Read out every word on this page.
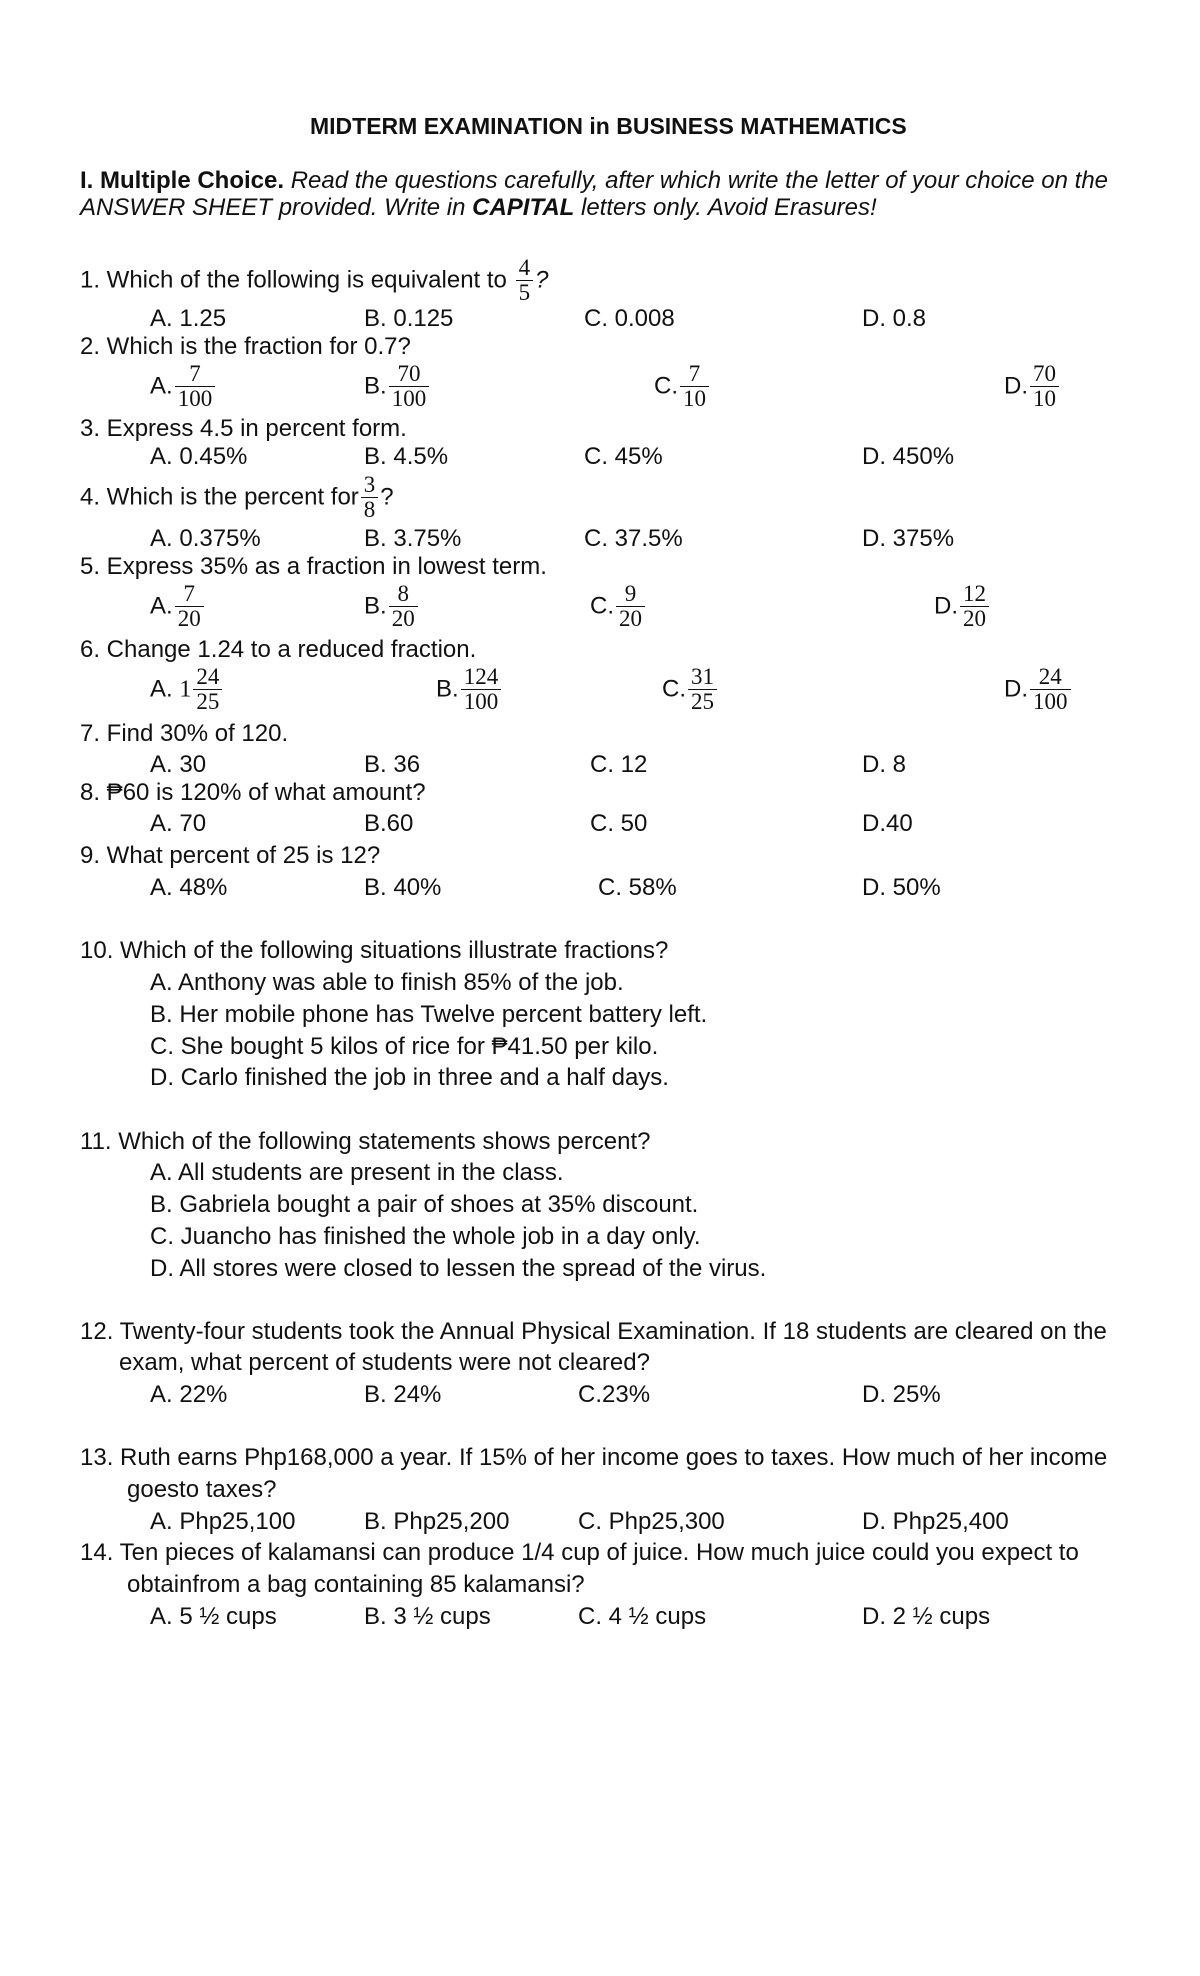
MIDTERM EXAMINATION in BUSINESS MATHEMATICS
I. Multiple Choice. Read the questions carefully, after which write the letter of your choice on the
ANSWER SHEET provided. Write in CAPITAL letters only. Avoid Erasures!
1. Which of the following is equivalent to $\frac{4}{5}$ ?
A. 1.25	B. 0.125	C. 0.008	D. 0.8
2. Which is the fraction for 0.7?
A. $\frac{7}{100}$	B. $\frac{70}{100}$	C. $\frac{7}{10}$	D. $\frac{70}{10}$
3. Express 4.5 in percent form.
A. 0.45%	B. 4.5%	C. 45%	D. 450%
4. Which is the percent for $\frac{3}{8}$ ?
A. 0.375%	B. 3.75%	C. 37.5%	D. 375%
5. Express 35% as a fraction in lowest term.
A. $\frac{7}{20}$	B. $\frac{8}{20}$	C. $\frac{9}{20}$	D. $\frac{12}{20}$
6. Change 1.24 to a reduced fraction.
A. $1 \frac{24}{25}$	B. $\frac{124}{100}$	C. $\frac{31}{25}$	D. $\frac{24}{100}$
7. Find 30% of 120.
A. 30	B. 36	C. 12	D. 8
8. ₱60 is 120% of what amount?
A. 70	B.60	C. 50	D.40
9. What percent of 25 is 12?
A. 48%	B. 40%	C. 58%	D. 50%
10. Which of the following situations illustrate fractions?
A. Anthony was able to finish 85% of the job.
B. Her mobile phone has Twelve percent battery left.
C. She bought 5 kilos of rice for ₱41.50 per kilo.
D. Carlo finished the job in three and a half days.
11. Which of the following statements shows percent?
A. All students are present in the class.
B. Gabriela bought a pair of shoes at 35% discount.
C. Juancho has finished the whole job in a day only.
D. All stores were closed to lessen the spread of the virus.
12. Twenty-four students took the Annual Physical Examination. If 18 students are cleared on the
exam, what percent of students were not cleared?
A. 22%	B. 24%	C.23%	D. 25%
13. Ruth earns Php168,000 a year. If 15% of her income goes to taxes. How much of her income
goesto taxes?
A. Php25,100	B. Php25,200	C. Php25,300	D. Php25,400
14. Ten pieces of kalamansi can produce 1/4 cup of juice. How much juice could you expect to
obtainfrom a bag containing 85 kalamansi?
A. 5 ½ cups	B. 3 ½ cups	C. 4 ½ cups	D. 2 ½ cups
